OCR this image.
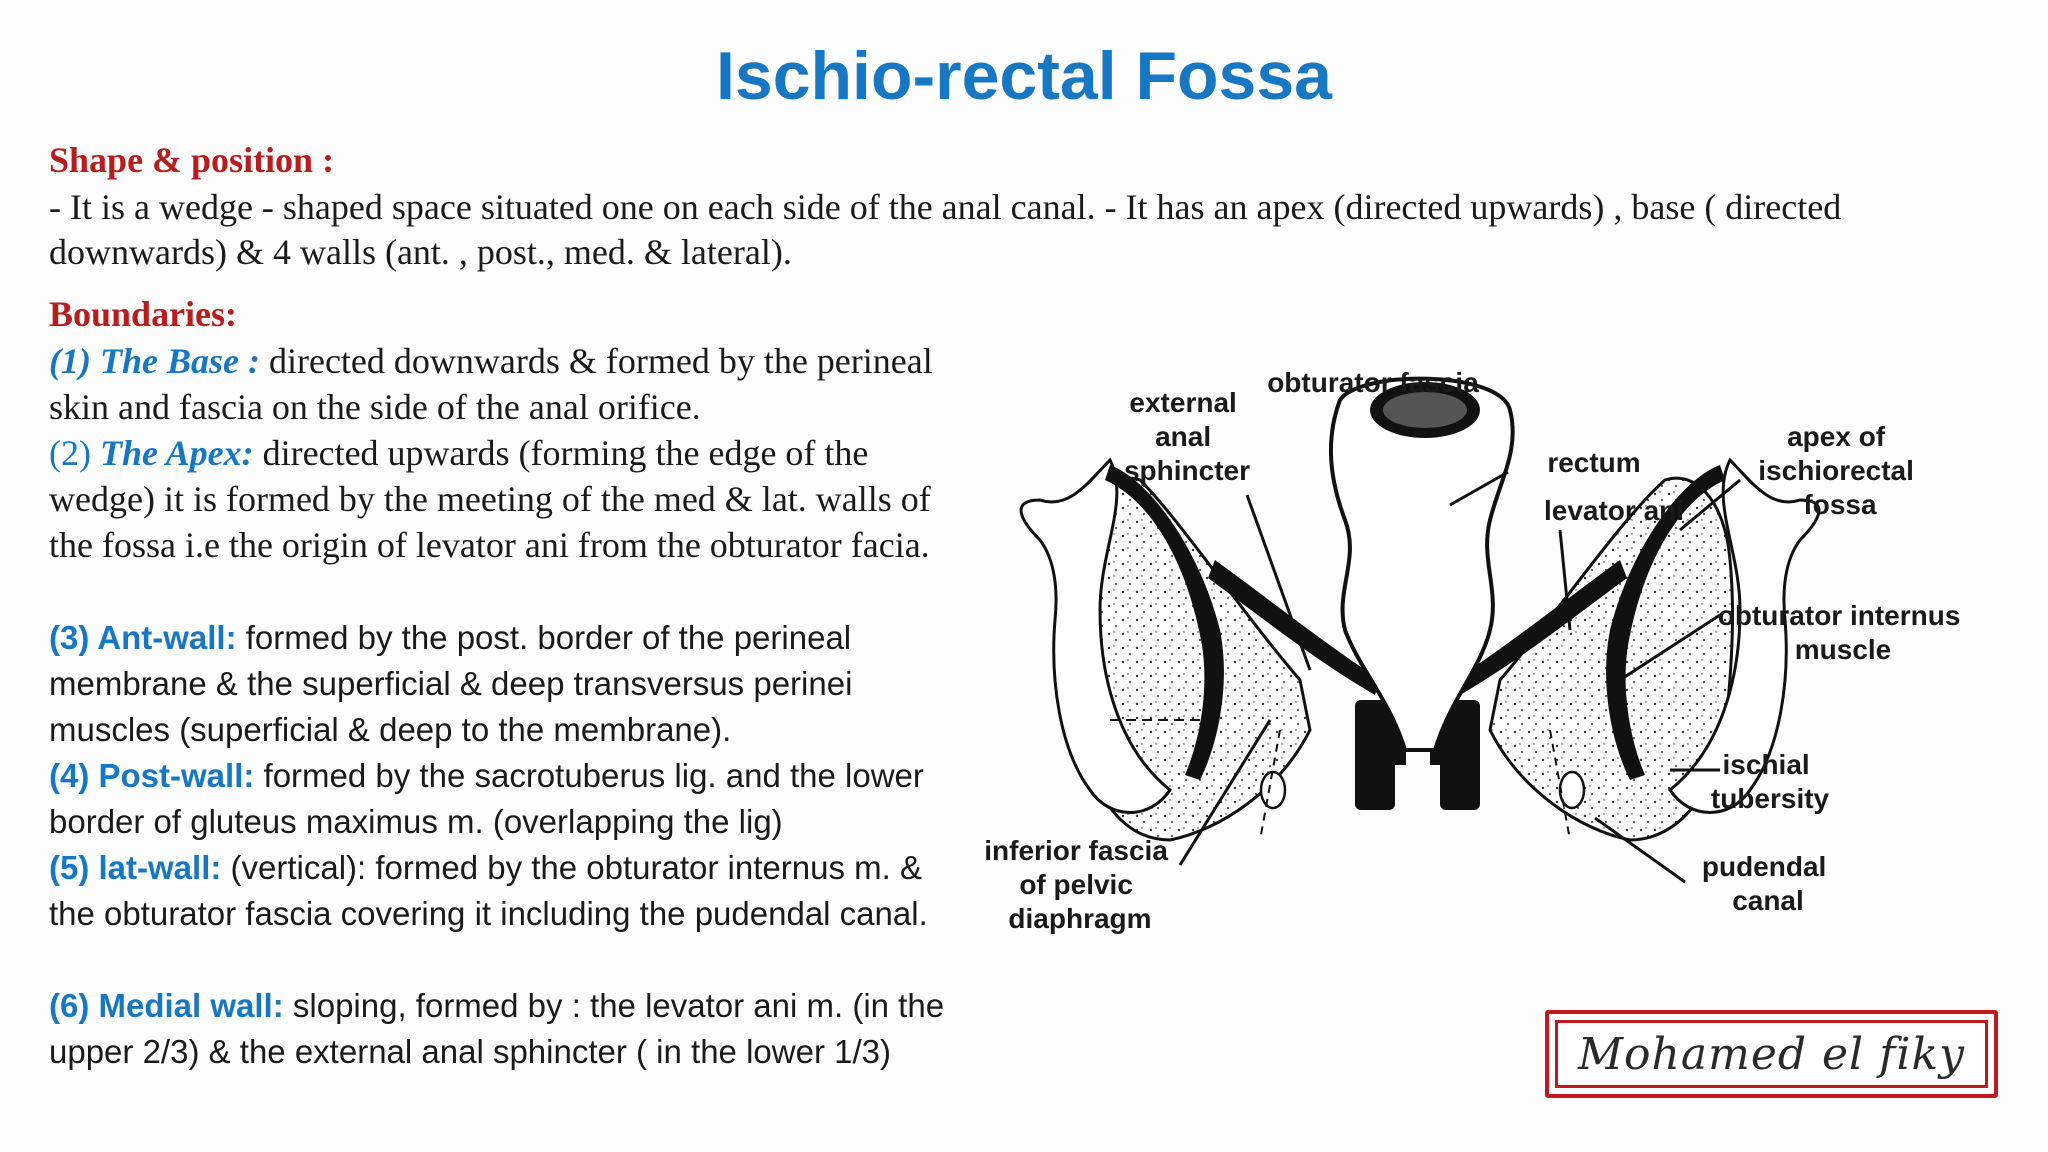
Ischio-rectal Fossa
Shape & position :
- It is a wedge - shaped space situated one on each side of the anal canal. - It has an apex (directed upwards) , base ( directed downwards) & 4 walls (ant. , post., med. & lateral).
Boundaries:
(1) The Base : directed downwards & formed by the perineal skin and fascia on the side of the anal orifice.
(2) The Apex: directed upwards (forming the edge of the wedge) it is formed by the meeting of the med & lat. walls of the fossa i.e the origin of levator ani from the obturator facia.
(3) Ant-wall: formed by the post. border of the perineal membrane & the superficial & deep transversus perinei muscles (superficial & deep to the membrane).
(4) Post-wall: formed by the sacrotuberus lig. and the lower border of gluteus maximus m. (overlapping the lig)
(5) lat-wall: (vertical): formed by the obturator internus m. & the obturator fascia covering it including the pudendal canal.
(6) Medial wall: sloping, formed by : the levator ani m. (in the upper 2/3) & the external anal sphincter ( in the lower 1/3)
external anal sphincter
obturator fascia
rectum
levator ani
apex of ischiorectal fossa
obturator internus muscle
ischial tubersity
pudendal canal
inferior fascia of pelvic diaphragm
Mohamed el fiky
